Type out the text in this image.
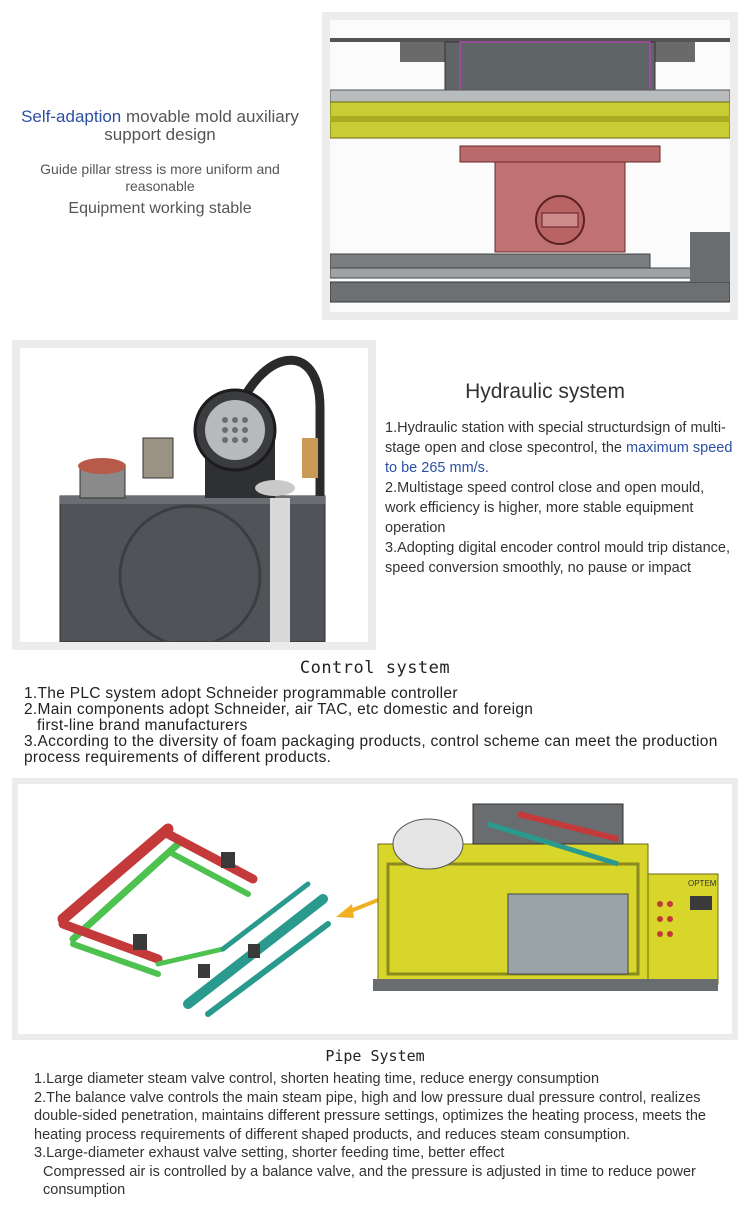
Self-adaption movable mold auxiliary support design
Guide pillar stress is more uniform and reasonable
Equipment working stable
Hydraulic system

1.Hydraulic station with special structurdsign of multi-stage open and close specontrol, the maximum speed to be 265 mm/s.

2.Multistage speed control close and open mould, work efficiency is higher, more stable equipment operation

3.Adopting digital encoder control mould trip distance, speed conversion smoothly, no pause or impact

Control system

1.The PLC system adopt Schneider programmable controller

2.Main components adopt Schneider, air TAC, etc domestic and foreign

first-line brand manufacturers

3.According to the diversity of foam packaging products, control scheme can meet the production process requirements of different products.

OPTEM
Pipe System

1.Large diameter steam valve control, shorten heating time, reduce energy consumption

2.The balance valve controls the main steam pipe, high and low pressure dual pressure control, realizes double-sided penetration, maintains different pressure settings, optimizes the heating process, meets the heating process requirements of different shaped products, and reduces steam consumption.

3.Large-diameter exhaust valve setting, shorter feeding time, better effect

Compressed air is controlled by a balance valve, and the pressure is adjusted in time to reduce power consumption
